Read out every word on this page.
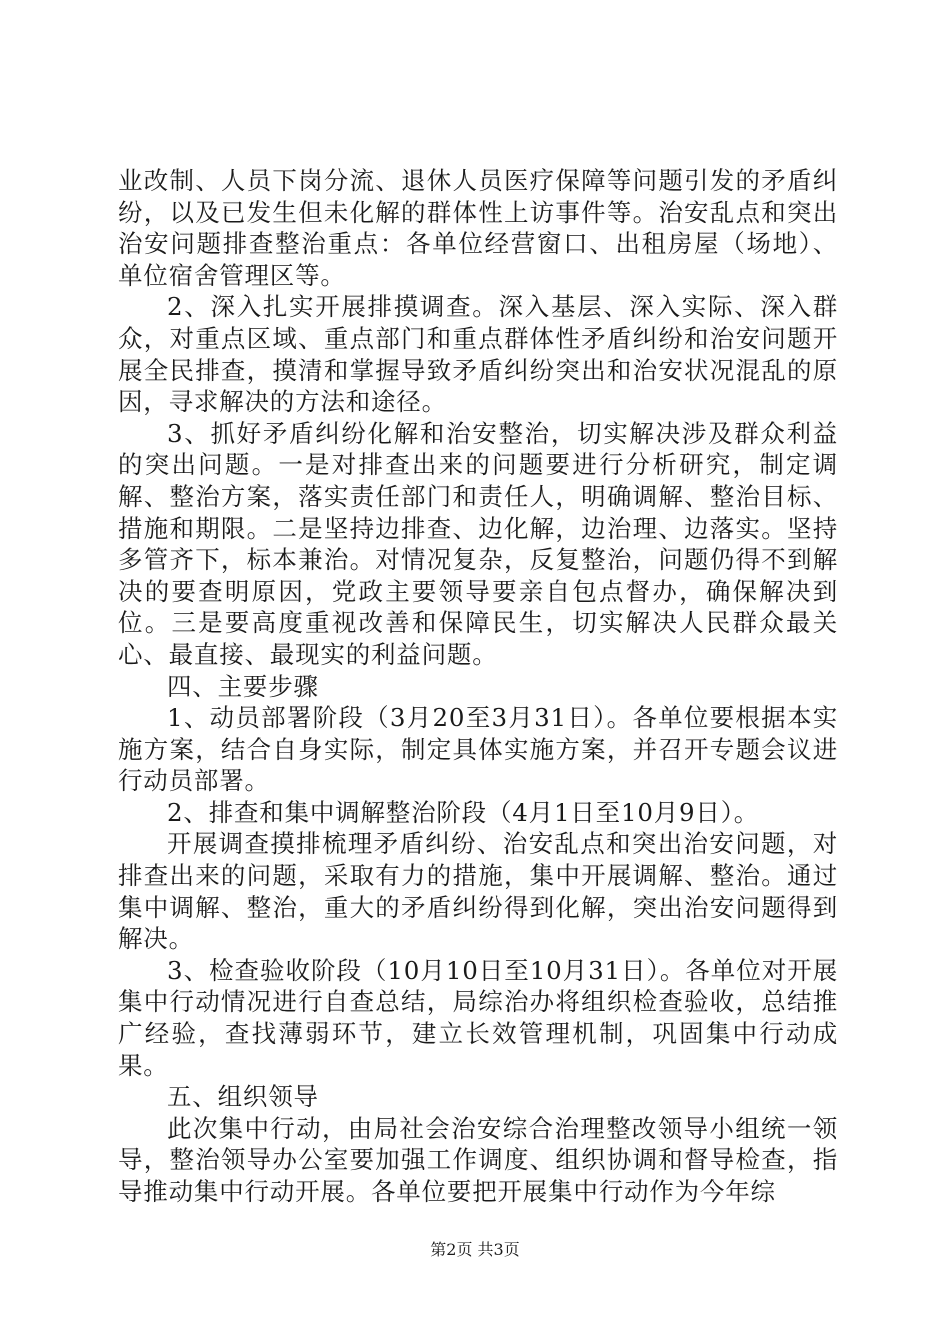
业改制、人员下岗分流、退休人员医疗保障等问题引发的矛盾纠纷，以及已发生但未化解的群体性上访事件等。治安乱点和突出治安问题排查整治重点：各单位经营窗口、出租房屋（场地）、单位宿舍管理区等。

2、深入扎实开展排摸调查。深入基层、深入实际、深入群众，对重点区域、重点部门和重点群体性矛盾纠纷和治安问题开展全民排查，摸清和掌握导致矛盾纠纷突出和治安状况混乱的原因，寻求解决的方法和途径。

3、抓好矛盾纠纷化解和治安整治，切实解决涉及群众利益的突出问题。一是对排查出来的问题要进行分析研究，制定调解、整治方案，落实责任部门和责任人，明确调解、整治目标、措施和期限。二是坚持边排查、边化解，边治理、边落实。坚持多管齐下，标本兼治。对情况复杂，反复整治，问题仍得不到解决的要查明原因，党政主要领导要亲自包点督办，确保解决到位。三是要高度重视改善和保障民生，切实解决人民群众最关心、最直接、最现实的利益问题。

四、主要步骤

1、动员部署阶段（3月20至3月31日）。各单位要根据本实施方案，结合自身实际，制定具体实施方案，并召开专题会议进行动员部署。

2、排查和集中调解整治阶段（4月1日至10月9日）。

开展调查摸排梳理矛盾纠纷、治安乱点和突出治安问题，对排查出来的问题，采取有力的措施，集中开展调解、整治。通过集中调解、整治，重大的矛盾纠纷得到化解，突出治安问题得到解决。

3、检查验收阶段（10月10日至10月31日）。各单位对开展集中行动情况进行自查总结，局综治办将组织检查验收，总结推广经验，查找薄弱环节，建立长效管理机制，巩固集中行动成果。

五、组织领导

此次集中行动，由局社会治安综合治理整改领导小组统一领导，整治领导办公室要加强工作调度、组织协调和督导检查，指导推动集中行动开展。各单位要把开展集中行动作为今年综

第2页 共3页
